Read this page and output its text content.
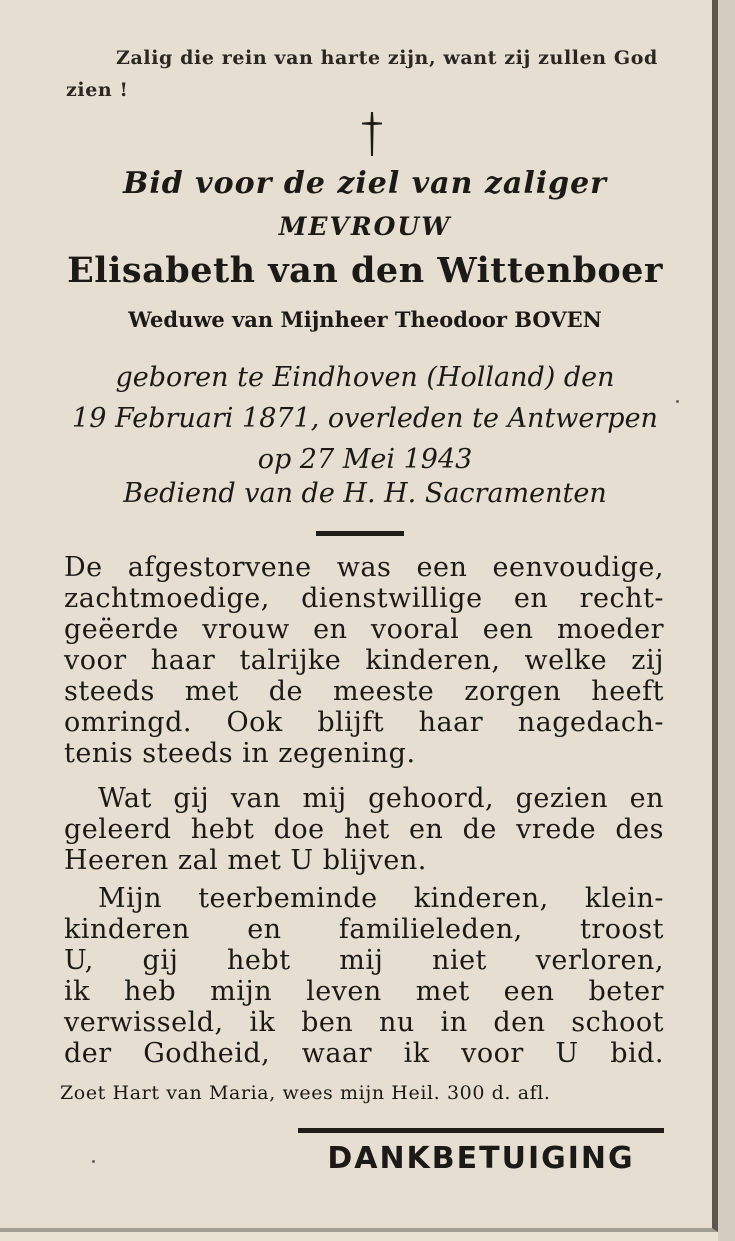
Zalig die rein van harte zijn, want zij zullen God zien !
Bid voor de ziel van zaliger
MEVROUW
Elisabeth van den Wittenboer
Weduwe van Mijnheer Theodoor BOVEN
geboren te Eindhoven (Holland) den
19 Februari 1871, overleden te Antwerpen
op 27 Mei 1943
Bediend van de H. H. Sacramenten
De afgestorvene was een eenvoudige,
zachtmoedige, dienstwillige en recht-
geëerde vrouw en vooral een moeder
voor haar talrijke kinderen, welke zij
steeds met de meeste zorgen heeft
omringd. Ook blijft haar nagedach-
tenis steeds in zegening.
Wat gij van mij gehoord, gezien en
geleerd hebt doe het en de vrede des
Heeren zal met U blijven.
Mijn teerbeminde kinderen, klein-
kinderen en familieleden, troost
U, gij hebt mij niet verloren,
ik heb mijn leven met een beter
verwisseld, ik ben nu in den schoot
der Godheid, waar ik voor U bid.
Zoet Hart van Maria, wees mijn Heil. 300 d. afl.
DANKBETUIGING
